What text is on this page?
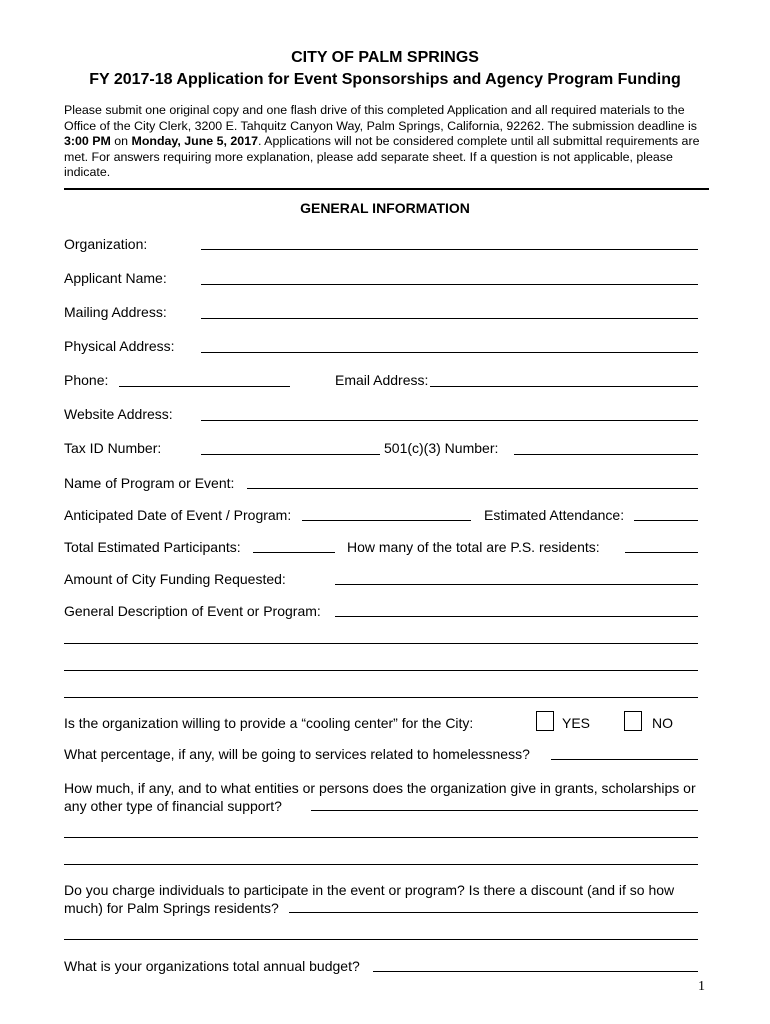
CITY OF PALM SPRINGS
FY 2017-18 Application for Event Sponsorships and Agency Program Funding
Please submit one original copy and one flash drive of this completed Application and all required materials to the Office of the City Clerk, 3200 E. Tahquitz Canyon Way, Palm Springs, California, 92262. The submission deadline is 3:00 PM on Monday, June 5, 2017. Applications will not be considered complete until all submittal requirements are met. For answers requiring more explanation, please add separate sheet. If a question is not applicable, please indicate.
GENERAL INFORMATION
Organization:
Applicant Name:
Mailing Address:
Physical Address:
Phone:	Email Address:
Website Address:
Tax ID Number:	501(c)(3) Number:
Name of Program or Event:
Anticipated Date of Event / Program:	Estimated Attendance:
Total Estimated Participants:	How many of the total are P.S. residents:
Amount of City Funding Requested:
General Description of Event or Program:
Is the organization willing to provide a “cooling center” for the City:	YES	NO
What percentage, if any, will be going to services related to homelessness?
How much, if any, and to what entities or persons does the organization give in grants, scholarships or any other type of financial support?
Do you charge individuals to participate in the event or program? Is there a discount (and if so how much) for Palm Springs residents?
What is your organizations total annual budget?
1
